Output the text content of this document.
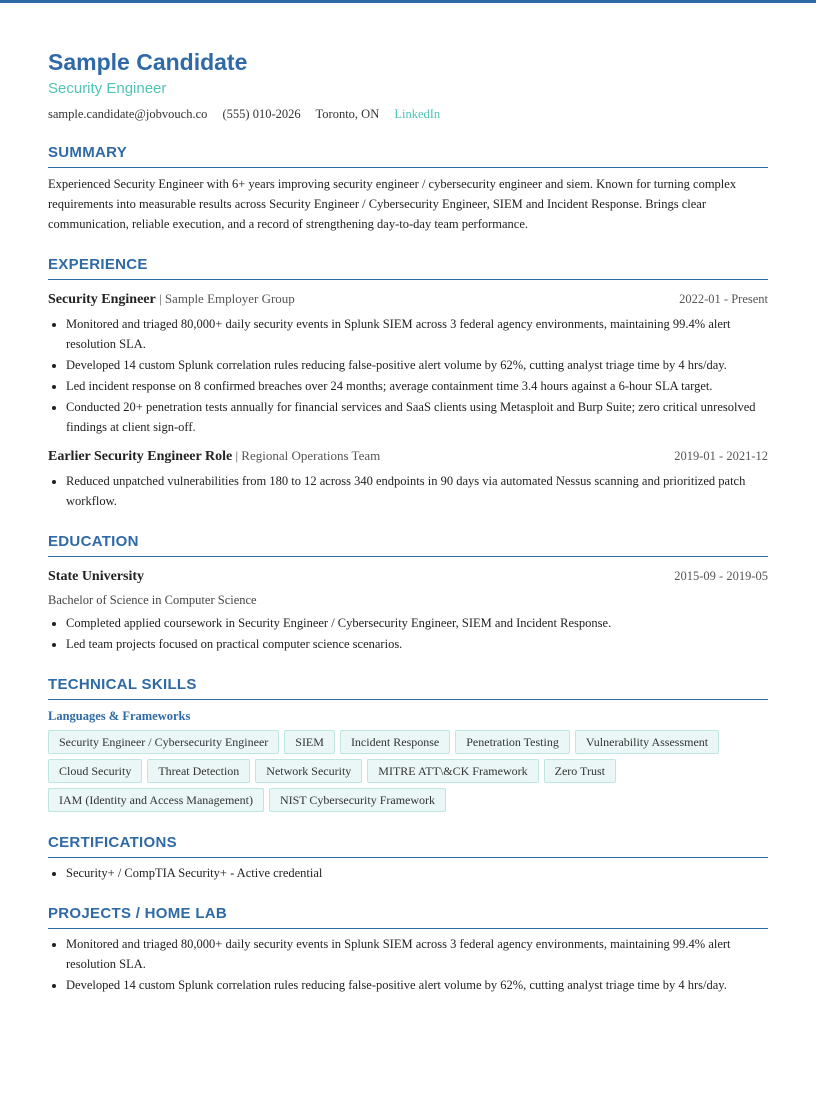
Sample Candidate
Security Engineer
sample.candidate@jobvouch.co (555) 010-2026 Toronto, ON LinkedIn
SUMMARY
Experienced Security Engineer with 6+ years improving security engineer / cybersecurity engineer and siem. Known for turning complex requirements into measurable results across Security Engineer / Cybersecurity Engineer, SIEM and Incident Response. Brings clear communication, reliable execution, and a record of strengthening day-to-day team performance.
EXPERIENCE
Security Engineer | Sample Employer Group	2022-01 - Present
• Monitored and triaged 80,000+ daily security events in Splunk SIEM across 3 federal agency environments, maintaining 99.4% alert resolution SLA.
• Developed 14 custom Splunk correlation rules reducing false-positive alert volume by 62%, cutting analyst triage time by 4 hrs/day.
• Led incident response on 8 confirmed breaches over 24 months; average containment time 3.4 hours against a 6-hour SLA target.
• Conducted 20+ penetration tests annually for financial services and SaaS clients using Metasploit and Burp Suite; zero critical unresolved findings at client sign-off.
Earlier Security Engineer Role | Regional Operations Team	2019-01 - 2021-12
• Reduced unpatched vulnerabilities from 180 to 12 across 340 endpoints in 90 days via automated Nessus scanning and prioritized patch workflow.
EDUCATION
State University	2015-09 - 2019-05
Bachelor of Science in Computer Science
• Completed applied coursework in Security Engineer / Cybersecurity Engineer, SIEM and Incident Response.
• Led team projects focused on practical computer science scenarios.
TECHNICAL SKILLS
Languages & Frameworks
Security Engineer / Cybersecurity Engineer	SIEM	Incident Response	Penetration Testing	Vulnerability Assessment
Cloud Security	Threat Detection	Network Security	MITRE ATT\&CK Framework	Zero Trust
IAM (Identity and Access Management)	NIST Cybersecurity Framework
CERTIFICATIONS
• Security+ / CompTIA Security+ - Active credential
PROJECTS / HOME LAB
• Monitored and triaged 80,000+ daily security events in Splunk SIEM across 3 federal agency environments, maintaining 99.4% alert resolution SLA.
• Developed 14 custom Splunk correlation rules reducing false-positive alert volume by 62%, cutting analyst triage time by 4 hrs/day.
